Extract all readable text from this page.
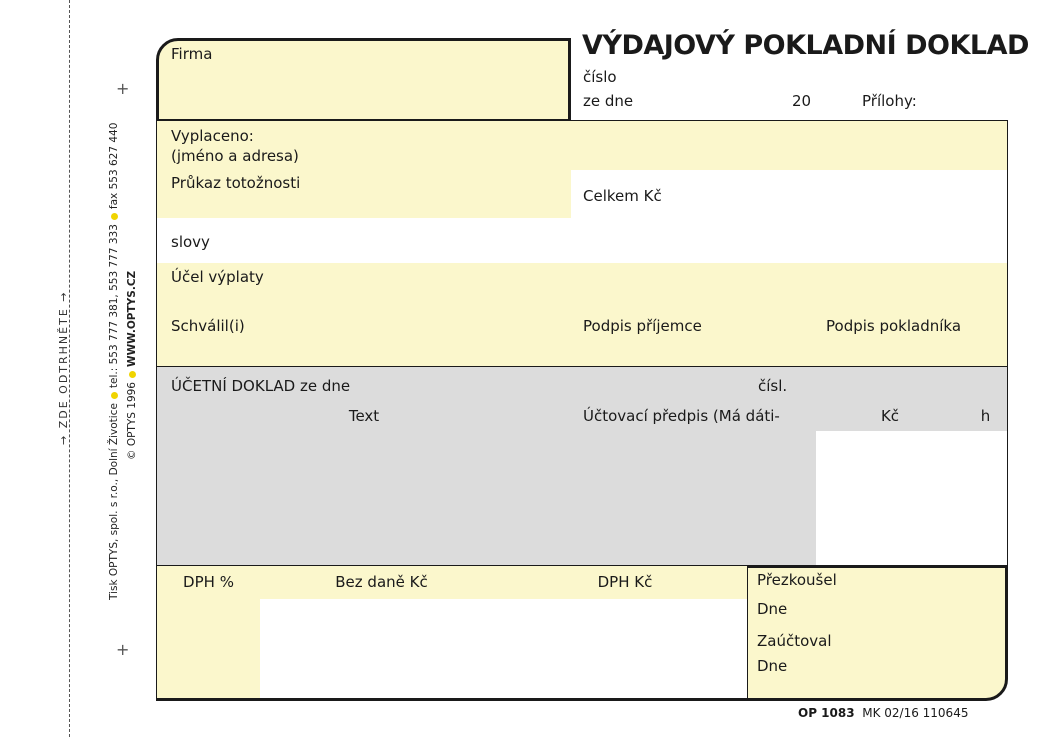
→ ZDE ODTRHNĚTE →
Tisk OPTYS, spol. s r.o., Dolní Životicetel.: 553 777 381, 553 777 333fax 553 627 440
© OPTYS 1996WWW.OPTYS.CZ
+
+
VÝDAJOVÝ POKLADNÍ DOKLAD
číslo
ze dne	20	Přílohy:
Firma
Vyplaceno:
(jméno a adresa)
Průkaz totožnosti
Celkem Kč
slovy
Účel výplaty
Schválil(i)	Podpis příjemce	Podpis pokladníka
ÚČETNÍ DOKLAD ze dne	čísl.
Text	Účtovací předpis (Má dáti-	Kč	h
DPH %	Bez daně Kč	DPH Kč	Přezkoušel
Dne
Zaúčtoval
Dne
OP 1083 MK 02/16 110645
